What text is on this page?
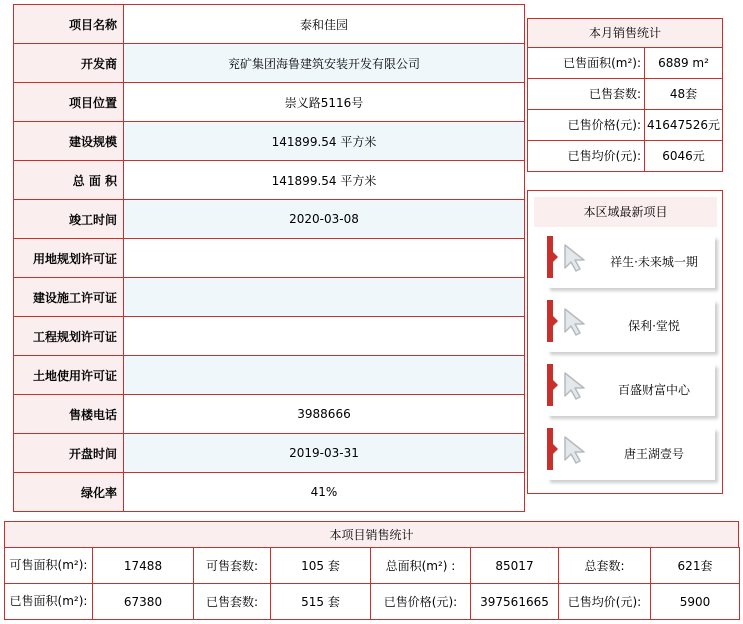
项目名称	泰和佳园
开发商	兖矿集团海鲁建筑安装开发有限公司
项目位置	崇义路5116号
建设规模	141899.54 平方米
总 面 积	141899.54 平方米
竣工时间	2020-03-08
用地规划许可证	
建设施工许可证	
工程规划许可证	
土地使用许可证	
售楼电话	3988666
开盘时间	2019-03-31
绿化率	41%
本月销售统计
已售面积(m²):	6889 m²
已售套数:	48套
已售价格(元): 41647526元
已售均价(元):	6046元
本区域最新项目
祥生·未来城一期
保利·堂悦
百盛财富中心
唐王湖壹号
本项目销售统计
可售面积(m²):	17488	可售套数:	105 套	总面积(m²) :	85017	总套数:	621套
已售面积(m²):	67380	已售套数:	515 套	已售价格(元):	397561665	已售均价(元):	5900
